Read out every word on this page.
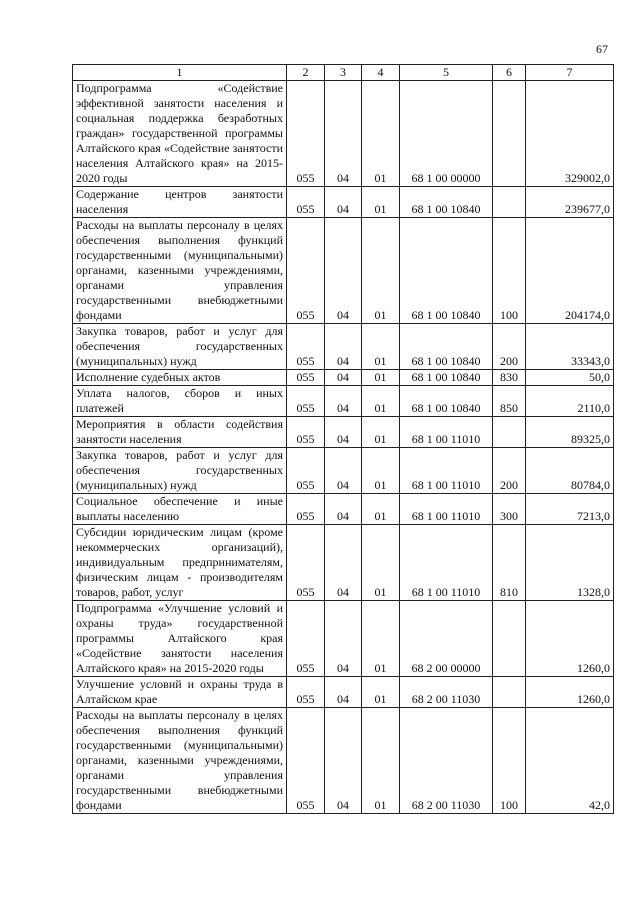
67
1	2	3	4	5	6	7
Подпрограмма «Содействие эффективной занятости населения и социальная поддержка безработных граждан» государственной программы Алтайского края «Содействие занятости населения Алтайского края» на 2015-2020 годы	055	04	01	68 1 00 00000		329002,0
Содержание центров занятости населения	055	04	01	68 1 00 10840		239677,0
Расходы на выплаты персоналу в целях обеспечения выполнения функций государственными (муниципальными) органами, казенными учреждениями, органами управления государственными внебюджетными фондами	055	04	01	68 1 00 10840	100	204174,0
Закупка товаров, работ и услуг для обеспечения государственных (муниципальных) нужд	055	04	01	68 1 00 10840	200	33343,0
Исполнение судебных актов	055	04	01	68 1 00 10840	830	50,0
Уплата налогов, сборов и иных платежей	055	04	01	68 1 00 10840	850	2110,0
Мероприятия в области содействия занятости населения	055	04	01	68 1 00 11010		89325,0
Закупка товаров, работ и услуг для обеспечения государственных (муниципальных) нужд	055	04	01	68 1 00 11010	200	80784,0
Социальное обеспечение и иные выплаты населению	055	04	01	68 1 00 11010	300	7213,0
Субсидии юридическим лицам (кроме некоммерческих организаций), индивидуальным предпринимателям, физическим лицам - производителям товаров, работ, услуг	055	04	01	68 1 00 11010	810	1328,0
Подпрограмма «Улучшение условий и охраны труда» государственной программы Алтайского края «Содействие занятости населения Алтайского края» на 2015-2020 годы	055	04	01	68 2 00 00000		1260,0
Улучшение условий и охраны труда в Алтайском крае	055	04	01	68 2 00 11030		1260,0
Расходы на выплаты персоналу в целях обеспечения выполнения функций государственными (муниципальными) органами, казенными учреждениями, органами управления государственными внебюджетными фондами	055	04	01	68 2 00 11030	100	42,0
